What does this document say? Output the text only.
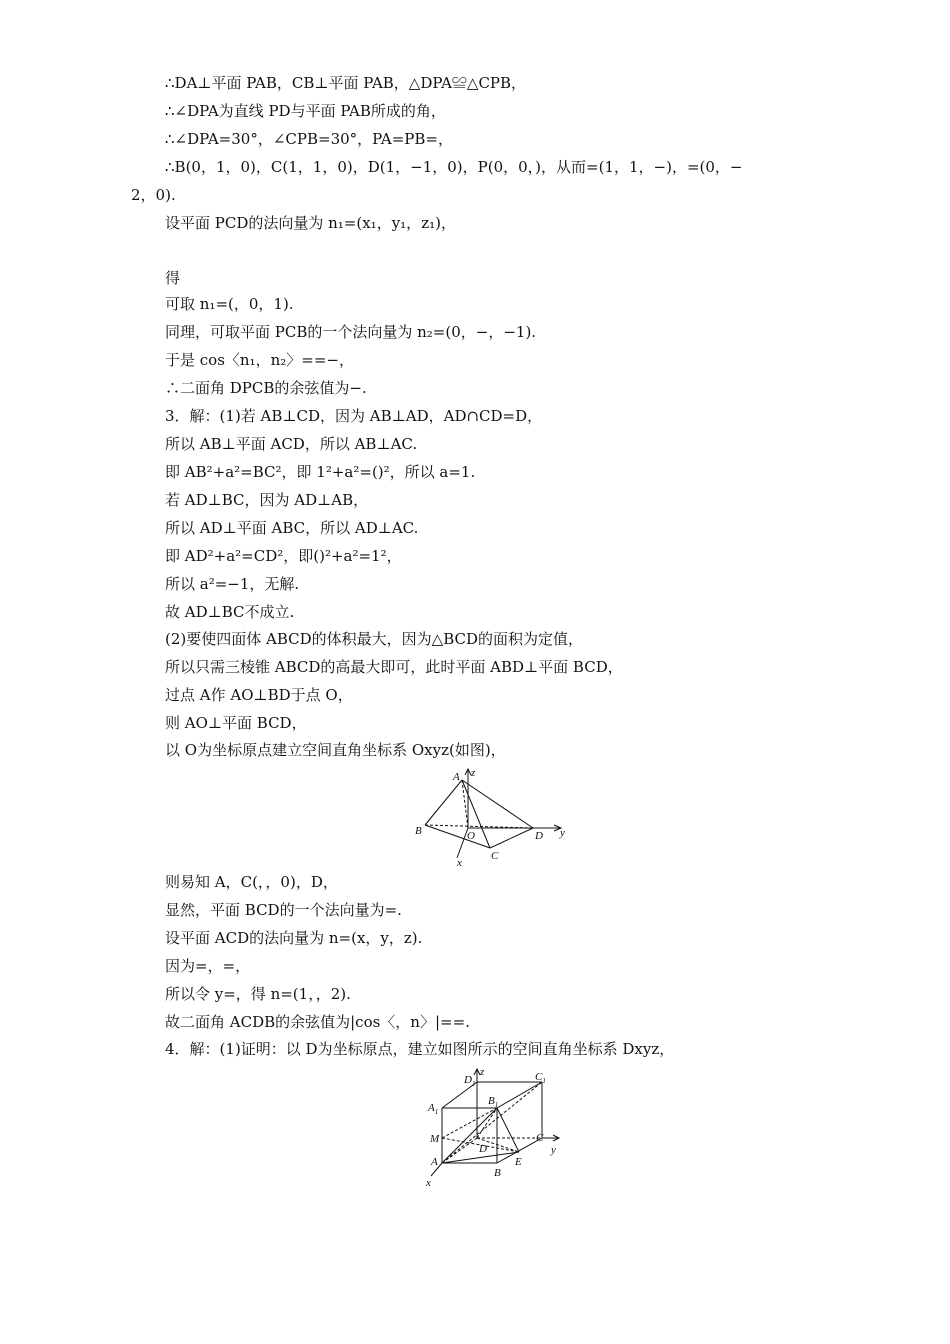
∴DA⊥平面 PAB，CB⊥平面 PAB，△DPA≌△CPB，
∴∠DPA为直线 PD与平面 PAB所成的角，
∴∠DPA=30°，∠CPB=30°，PA=PB=，
∴B(0，1，0)，C(1，1，0)，D(1，−1，0)，P(0，0，)，从而=(1，1，−)，=(0，−
2，0).
设平面 PCD的法向量为 n₁=(x₁，y₁，z₁)，
得
可取 n₁=(，0，1).
同理，可取平面 PCB的一个法向量为 n₂=(0，−，−1).
于是 cos〈n₁，n₂〉==−，
∴二面角 DPCB的余弦值为−.
3．解：(1)若 AB⊥CD，因为 AB⊥AD，AD∩CD=D，
所以 AB⊥平面 ACD，所以 AB⊥AC.
即 AB²+a²=BC²，即 1²+a²=()²，所以 a=1.
若 AD⊥BC，因为 AD⊥AB，
所以 AD⊥平面 ABC，所以 AD⊥AC.
即 AD²+a²=CD²，即()²+a²=1²，
所以 a²=−1，无解.
故 AD⊥BC不成立.
(2)要使四面体 ABCD的体积最大，因为△BCD的面积为定值，
所以只需三棱锥 ABCD的高最大即可，此时平面 ABD⊥平面 BCD，
过点 A作 AO⊥BD于点 O，
则 AO⊥平面 BCD，
以 O为坐标原点建立空间直角坐标系 Oxyz(如图)，
z
A
B	O	D y
C
x
则易知 A，C(，，0)，D，
显然，平面 BCD的一个法向量为=.
设平面 ACD的法向量为 n=(x，y，z).
因为=，=，
所以令 y=，得 n=(1，，2).
故二面角 ACDB的余弦值为|cos〈，n〉|==.
4．解：(1)证明：以 D为坐标原点，建立如图所示的空间直角坐标系 Dxyz，
$D_1$
z	$C_1$
$A_1$
$B_1$
M	C
D	y
A	E
B
x
